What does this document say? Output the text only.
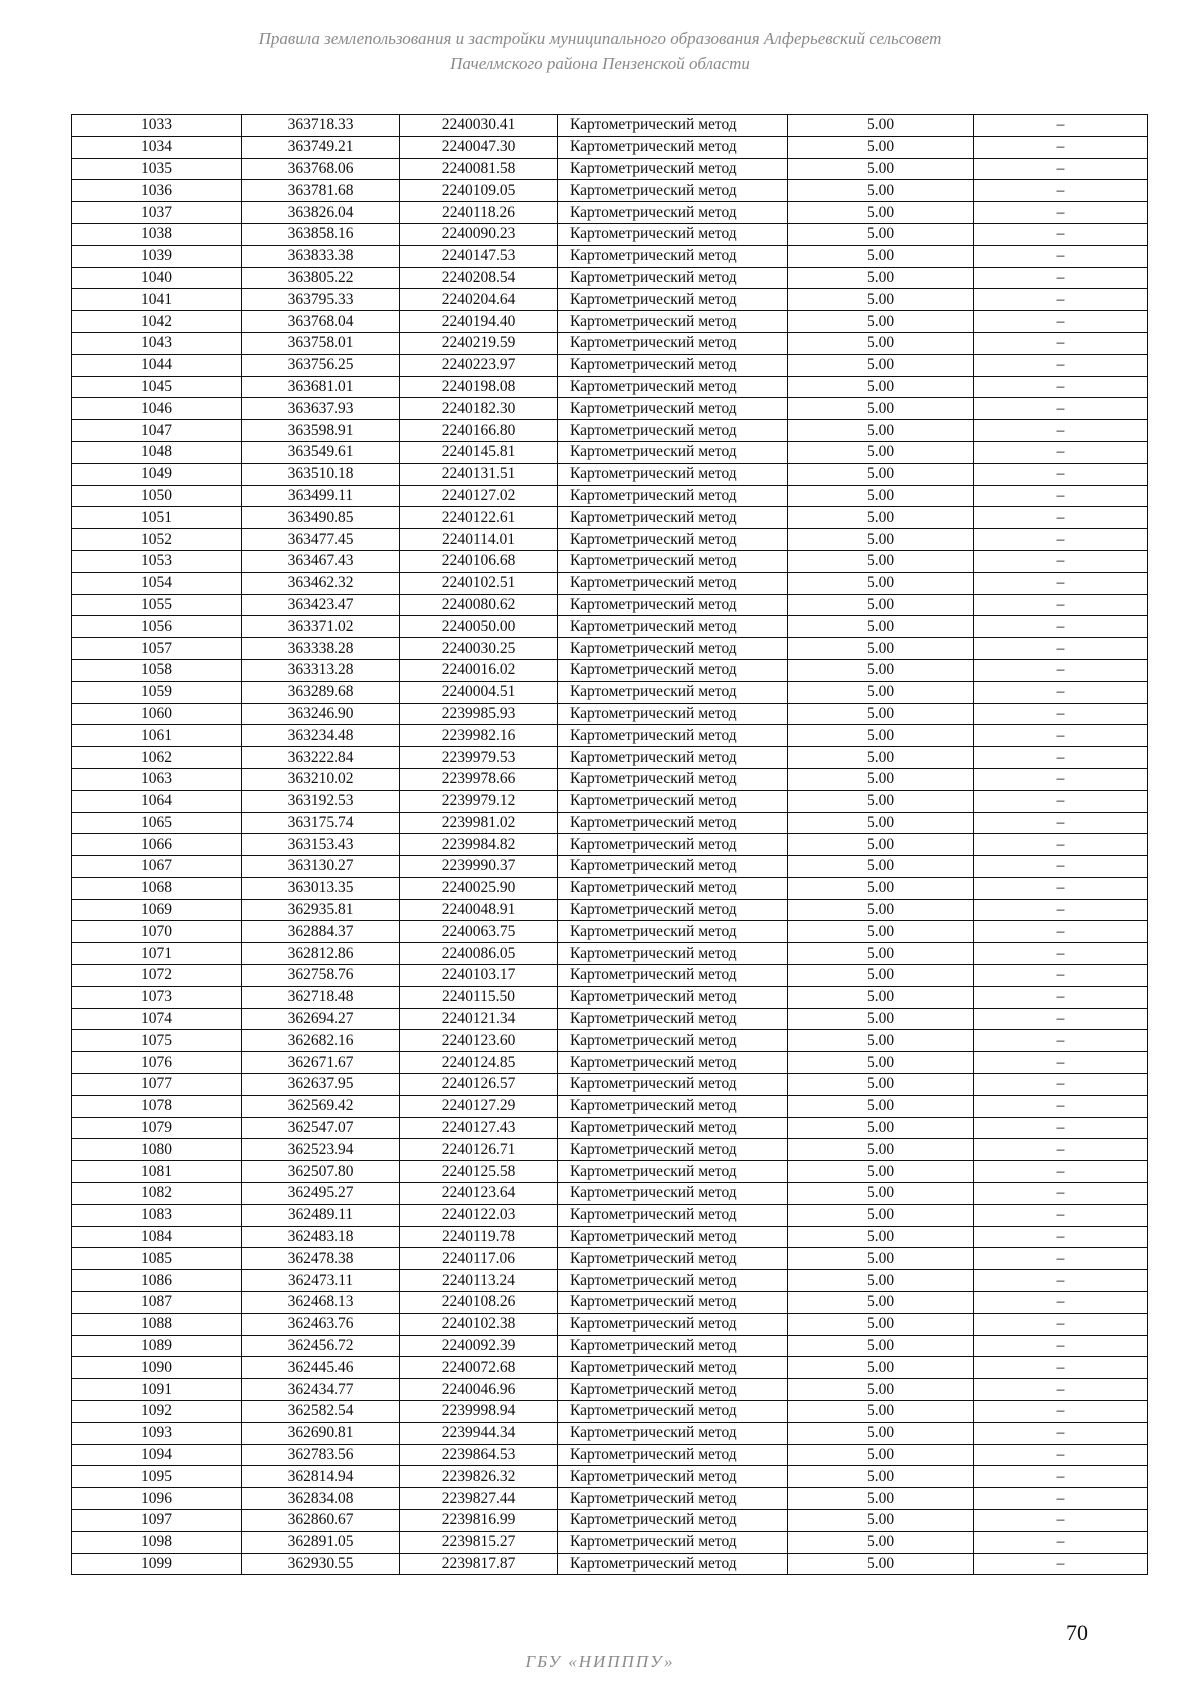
Правила землепользования и застройки муниципального образования Алферьевский сельсовет
Пачелмского района Пензенской области
1033	363718.33	2240030.41	Картометрический метод	5.00	–
1034	363749.21	2240047.30	Картометрический метод	5.00	–
1035	363768.06	2240081.58	Картометрический метод	5.00	–
1036	363781.68	2240109.05	Картометрический метод	5.00	–
1037	363826.04	2240118.26	Картометрический метод	5.00	–
1038	363858.16	2240090.23	Картометрический метод	5.00	–
1039	363833.38	2240147.53	Картометрический метод	5.00	–
1040	363805.22	2240208.54	Картометрический метод	5.00	–
1041	363795.33	2240204.64	Картометрический метод	5.00	–
1042	363768.04	2240194.40	Картометрический метод	5.00	–
1043	363758.01	2240219.59	Картометрический метод	5.00	–
1044	363756.25	2240223.97	Картометрический метод	5.00	–
1045	363681.01	2240198.08	Картометрический метод	5.00	–
1046	363637.93	2240182.30	Картометрический метод	5.00	–
1047	363598.91	2240166.80	Картометрический метод	5.00	–
1048	363549.61	2240145.81	Картометрический метод	5.00	–
1049	363510.18	2240131.51	Картометрический метод	5.00	–
1050	363499.11	2240127.02	Картометрический метод	5.00	–
1051	363490.85	2240122.61	Картометрический метод	5.00	–
1052	363477.45	2240114.01	Картометрический метод	5.00	–
1053	363467.43	2240106.68	Картометрический метод	5.00	–
1054	363462.32	2240102.51	Картометрический метод	5.00	–
1055	363423.47	2240080.62	Картометрический метод	5.00	–
1056	363371.02	2240050.00	Картометрический метод	5.00	–
1057	363338.28	2240030.25	Картометрический метод	5.00	–
1058	363313.28	2240016.02	Картометрический метод	5.00	–
1059	363289.68	2240004.51	Картометрический метод	5.00	–
1060	363246.90	2239985.93	Картометрический метод	5.00	–
1061	363234.48	2239982.16	Картометрический метод	5.00	–
1062	363222.84	2239979.53	Картометрический метод	5.00	–
1063	363210.02	2239978.66	Картометрический метод	5.00	–
1064	363192.53	2239979.12	Картометрический метод	5.00	–
1065	363175.74	2239981.02	Картометрический метод	5.00	–
1066	363153.43	2239984.82	Картометрический метод	5.00	–
1067	363130.27	2239990.37	Картометрический метод	5.00	–
1068	363013.35	2240025.90	Картометрический метод	5.00	–
1069	362935.81	2240048.91	Картометрический метод	5.00	–
1070	362884.37	2240063.75	Картометрический метод	5.00	–
1071	362812.86	2240086.05	Картометрический метод	5.00	–
1072	362758.76	2240103.17	Картометрический метод	5.00	–
1073	362718.48	2240115.50	Картометрический метод	5.00	–
1074	362694.27	2240121.34	Картометрический метод	5.00	–
1075	362682.16	2240123.60	Картометрический метод	5.00	–
1076	362671.67	2240124.85	Картометрический метод	5.00	–
1077	362637.95	2240126.57	Картометрический метод	5.00	–
1078	362569.42	2240127.29	Картометрический метод	5.00	–
1079	362547.07	2240127.43	Картометрический метод	5.00	–
1080	362523.94	2240126.71	Картометрический метод	5.00	–
1081	362507.80	2240125.58	Картометрический метод	5.00	–
1082	362495.27	2240123.64	Картометрический метод	5.00	–
1083	362489.11	2240122.03	Картометрический метод	5.00	–
1084	362483.18	2240119.78	Картометрический метод	5.00	–
1085	362478.38	2240117.06	Картометрический метод	5.00	–
1086	362473.11	2240113.24	Картометрический метод	5.00	–
1087	362468.13	2240108.26	Картометрический метод	5.00	–
1088	362463.76	2240102.38	Картометрический метод	5.00	–
1089	362456.72	2240092.39	Картометрический метод	5.00	–
1090	362445.46	2240072.68	Картометрический метод	5.00	–
1091	362434.77	2240046.96	Картометрический метод	5.00	–
1092	362582.54	2239998.94	Картометрический метод	5.00	–
1093	362690.81	2239944.34	Картометрический метод	5.00	–
1094	362783.56	2239864.53	Картометрический метод	5.00	–
1095	362814.94	2239826.32	Картометрический метод	5.00	–
1096	362834.08	2239827.44	Картометрический метод	5.00	–
1097	362860.67	2239816.99	Картометрический метод	5.00	–
1098	362891.05	2239815.27	Картометрический метод	5.00	–
1099	362930.55	2239817.87	Картометрический метод	5.00	–
70
ГБУ «НИПППУ»
